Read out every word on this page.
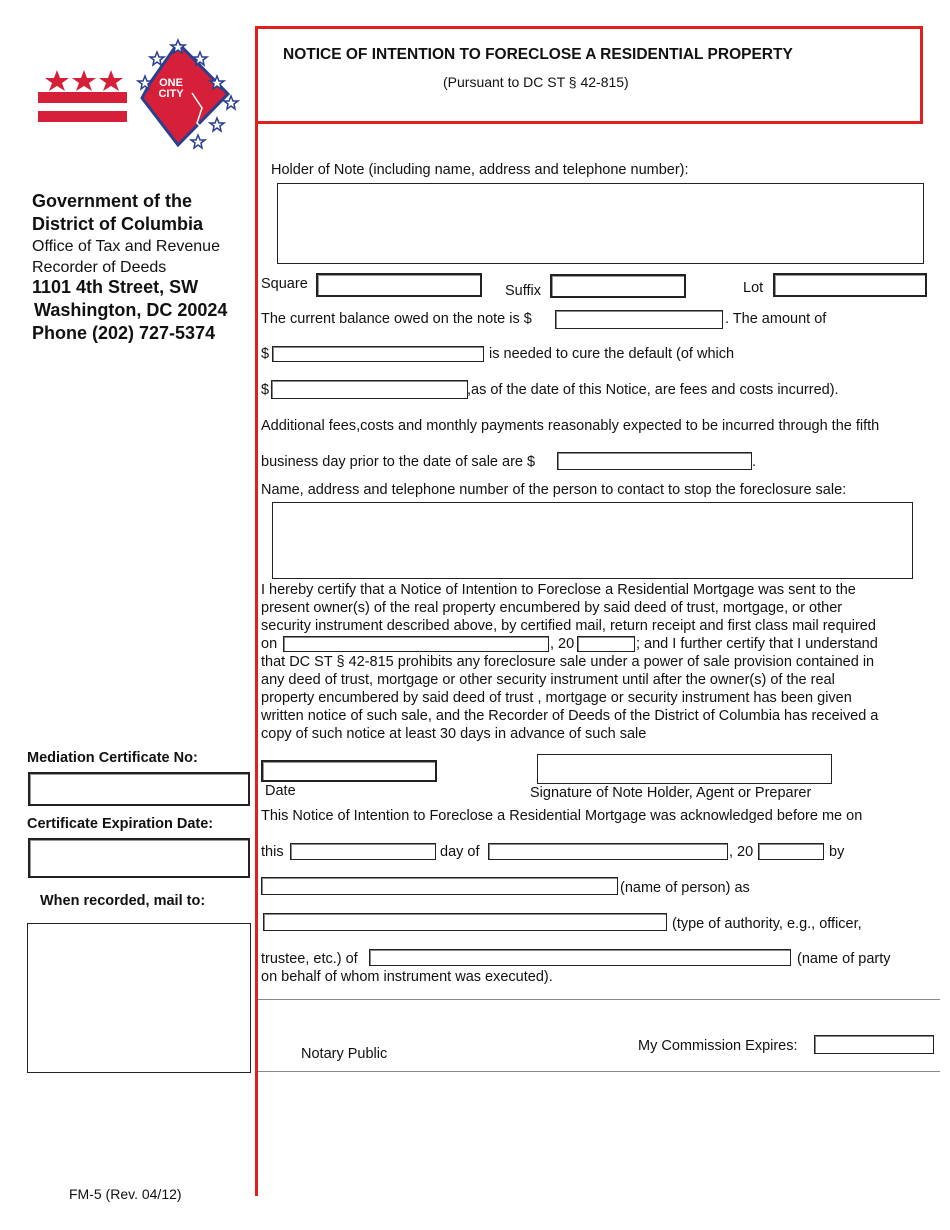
NOTICE OF INTENTION TO FORECLOSE A RESIDENTIAL PROPERTY
(Pursuant to DC ST § 42-815)
ONE
CITY
Government of the
District of Columbia
Office of Tax and Revenue
Recorder of Deeds
1101 4th Street, SW
Washington, DC 20024
Phone (202) 727-5374
Mediation Certificate No:
Certificate Expiration Date:
When recorded, mail to:
FM-5 (Rev. 04/12)
Holder of Note (including name, address and telephone number):
Square	Suffix	Lot
The current balance owed on the note is $	. The amount of
$	is needed to cure the default (of which
$	,as of the date of this Notice, are fees and costs incurred).
Additional fees,costs and monthly payments reasonably expected to be incurred through the fifth
business day prior to the date of sale are $	.
Name, address and telephone number of the person to contact to stop the foreclosure sale:
I hereby certify that a Notice of Intention to Foreclose a Residential Mortgage was sent to the
present owner(s) of the real property encumbered by said deed of trust, mortgage, or other
security instrument described above, by certified mail, return receipt and first class mail required
on	, 20	; and I further certify that I understand
that DC ST § 42-815 prohibits any foreclosure sale under a power of sale provision contained in
any deed of trust, mortgage or other security instrument until after the owner(s) of the real
property encumbered by said deed of trust , mortgage or security instrument has been given
written notice of such sale, and the Recorder of Deeds of the District of Columbia has received a
copy of such notice at least 30 days in advance of such sale
Date	Signature of Note Holder, Agent or Preparer
This Notice of Intention to Foreclose a Residential Mortgage was acknowledged before me on
this	day of	, 20	by
(name of person) as
(type of authority, e.g., officer,
trustee, etc.) of	(name of party
on behalf of whom instrument was executed).
Notary Public	My Commission Expires:
